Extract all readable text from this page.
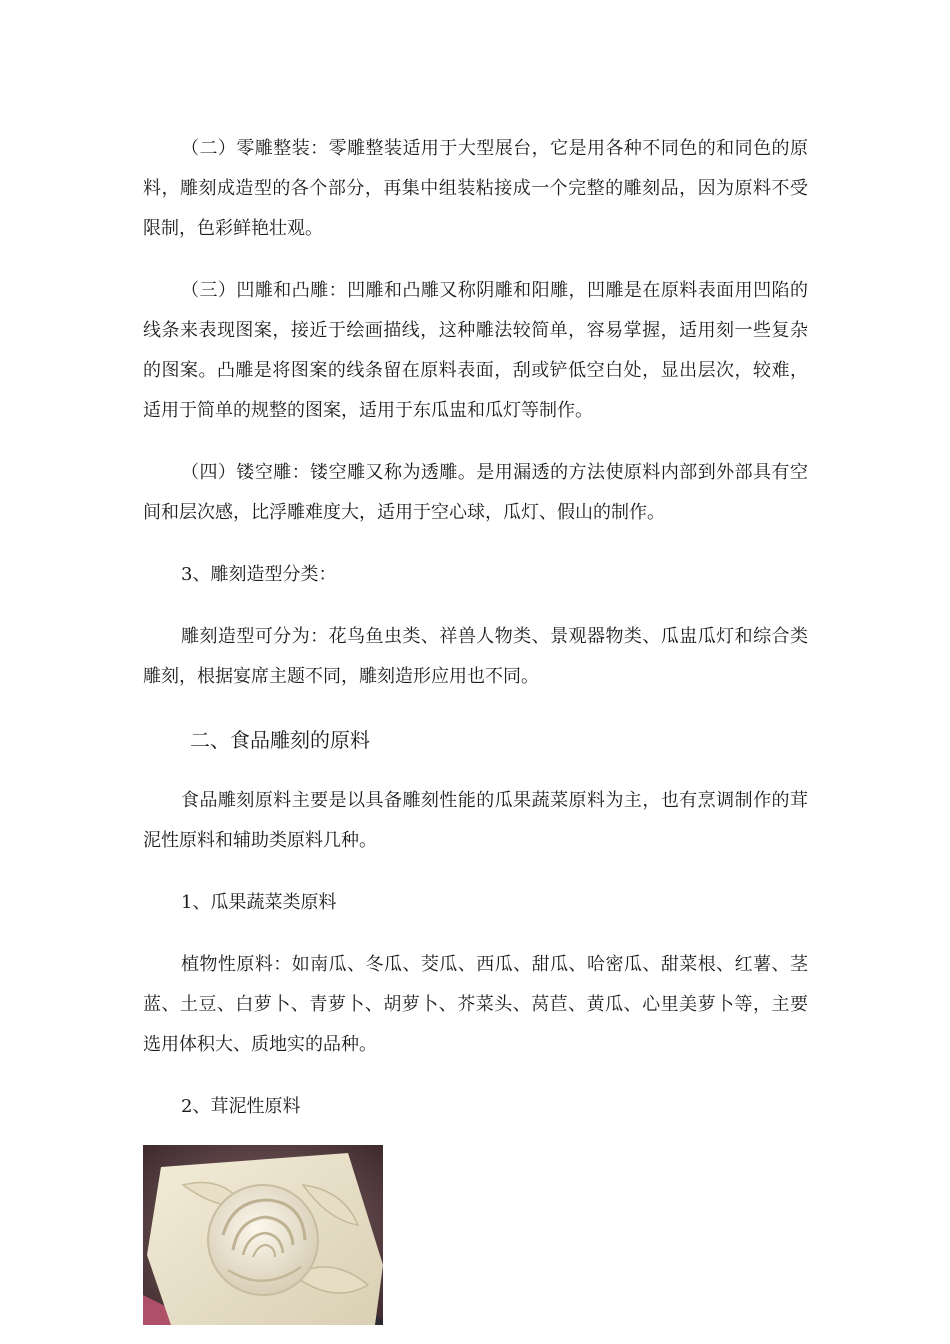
（二）零雕整装：零雕整装适用于大型展台，它是用各种不同色的和同色的原料，雕刻成造型的各个部分，再集中组装粘接成一个完整的雕刻品，因为原料不受限制，色彩鲜艳壮观。

（三）凹雕和凸雕：凹雕和凸雕又称阴雕和阳雕，凹雕是在原料表面用凹陷的线条来表现图案，接近于绘画描线，这种雕法较简单，容易掌握，适用刻一些复杂的图案。凸雕是将图案的线条留在原料表面，刮或铲低空白处，显出层次，较难，适用于简单的规整的图案，适用于东瓜盅和瓜灯等制作。

（四）镂空雕：镂空雕又称为透雕。是用漏透的方法使原料内部到外部具有空间和层次感，比浮雕难度大，适用于空心球，瓜灯、假山的制作。

3、雕刻造型分类：

雕刻造型可分为：花鸟鱼虫类、祥兽人物类、景观器物类、瓜盅瓜灯和综合类雕刻，根据宴席主题不同，雕刻造形应用也不同。

二、食品雕刻的原料

食品雕刻原料主要是以具备雕刻性能的瓜果蔬菜原料为主，也有烹调制作的茸泥性原料和辅助类原料几种。

1、瓜果蔬菜类原料

植物性原料：如南瓜、冬瓜、茭瓜、西瓜、甜瓜、哈密瓜、甜菜根、红薯、茎蓝、土豆、白萝卜、青萝卜、胡萝卜、芥菜头、莴苣、黄瓜、心里美萝卜等，主要选用体积大、质地实的品种。

2、茸泥性原料
